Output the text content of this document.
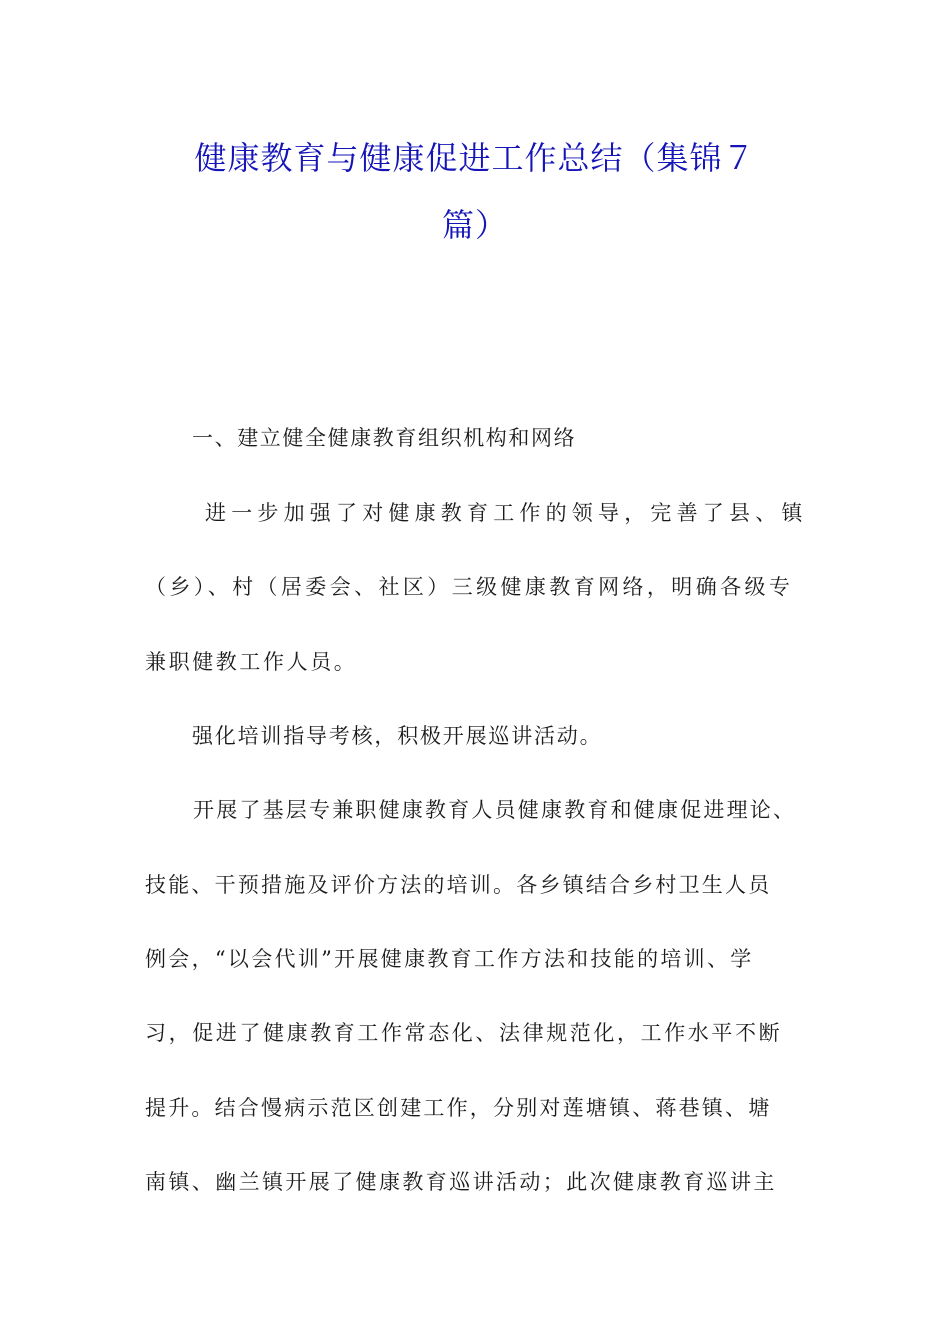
健康教育与健康促进工作总结（集锦７
篇）
一、建立健全健康教育组织机构和网络
进一步加强了对健康教育工作的领导，完善了县、镇
（乡）、村（居委会、社区）三级健康教育网络，明确各级专
兼职健教工作人员。
强化培训指导考核，积极开展巡讲活动。
开展了基层专兼职健康教育人员健康教育和健康促进理论、
技能、干预措施及评价方法的培训。各乡镇结合乡村卫生人员
例会，“以会代训”开展健康教育工作方法和技能的培训、学
习，促进了健康教育工作常态化、法律规范化，工作水平不断
提升。结合慢病示范区创建工作，分别对莲塘镇、蒋巷镇、塘
南镇、幽兰镇开展了健康教育巡讲活动；此次健康教育巡讲主
